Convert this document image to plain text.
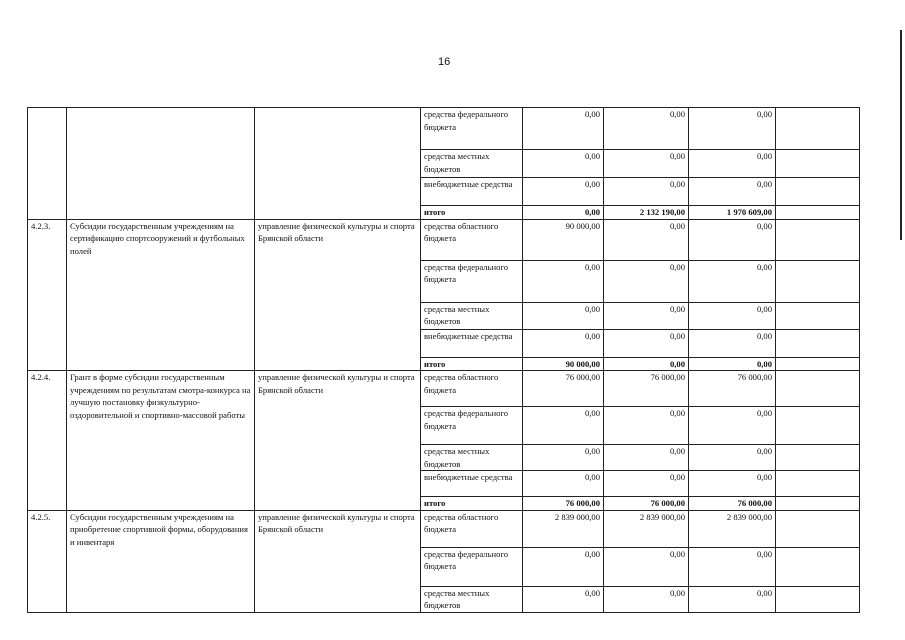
16
			средства федерального бюджета	0,00	0,00	0,00	
			средства местных бюджетов	0,00	0,00	0,00	
			внебюджетные средства	0,00	0,00	0,00	
			итого	0,00	2 132 190,00	1 970 609,00	
4.2.3.	Субсидии государственным учреждениям на сертификацию спортсооружений и футбольных полей	управление физической культуры и спорта Брянской области	средства областного бюджета	90 000,00	0,00	0,00	
			средства федерального бюджета	0,00	0,00	0,00	
			средства местных бюджетов	0,00	0,00	0,00	
			внебюджетные средства	0,00	0,00	0,00	
			итого	90 000,00	0,00	0,00	
4.2.4.	Грант в форме субсидии государственным учреждениям по результатам смотра-конкурса на лучшую постановку физкультурно-оздоровительной и спортивно-массовой работы	управление физической культуры и спорта Брянской области	средства областного бюджета	76 000,00	76 000,00	76 000,00	
			средства федерального бюджета	0,00	0,00	0,00	
			средства местных бюджетов	0,00	0,00	0,00	
			внебюджетные средства	0,00	0,00	0,00	
			итого	76 000,00	76 000,00	76 000,00	
4.2.5.	Субсидии государственным учреждениям на приобретение спортивной формы, оборудования и инвентаря	управление физической культуры и спорта Брянской области	средства областного бюджета	2 839 000,00	2 839 000,00	2 839 000,00	
			средства федерального бюджета	0,00	0,00	0,00	
			средства местных бюджетов	0,00	0,00	0,00	
